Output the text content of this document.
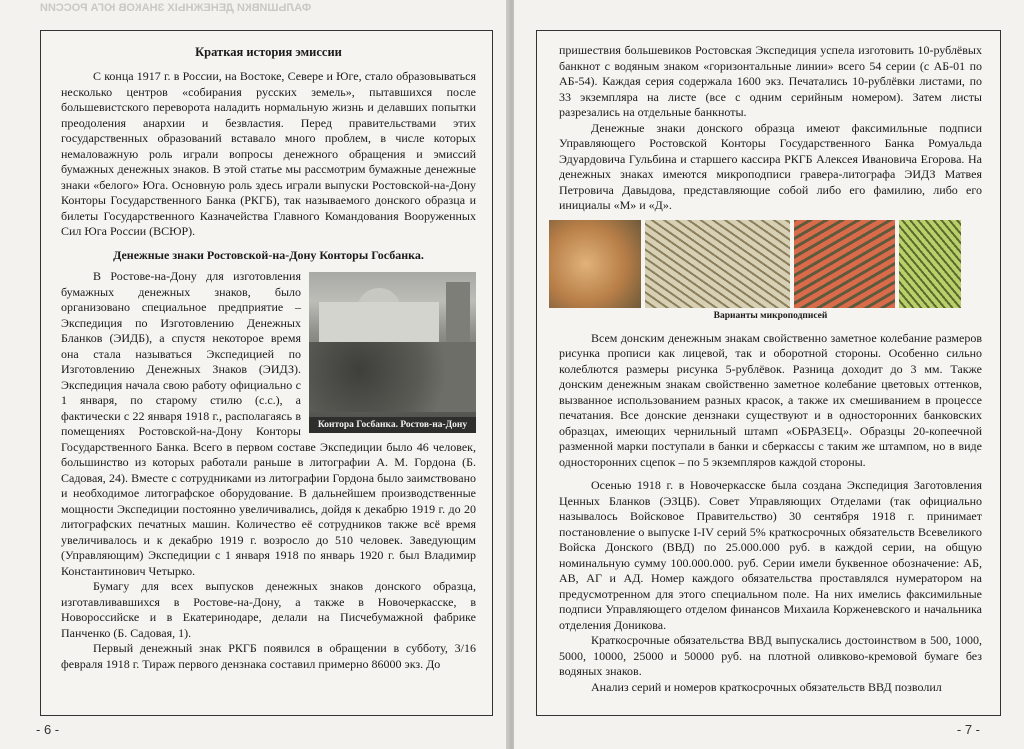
ФАЛЬШИВКИ ДЕНЕЖНЫХ ЗНАКОВ ЮГА РОССИИ
Краткая история эмиссии

С конца 1917 г. в России, на Востоке, Севере и Юге, стало образовываться несколько центров «собирания русских земель», пытавшихся после большевистского переворота наладить нормальную жизнь и делавших попытки преодоления анархии и безвластия. Перед правительствами этих государственных образований вставало много проблем, в числе которых немаловажную роль играли вопросы денежного обращения и эмиссий бумажных денежных знаков. В этой статье мы рассмотрим бумажные денежные знаки «белого» Юга. Основную роль здесь играли выпуски Ростовской-на-Дону Конторы Государственного Банка (РКГБ), так называемого донского образца и билеты Государственного Казначейства Главного Командования Вооруженных Сил Юга России (ВСЮР).

Денежные знаки Ростовской-на-Дону Конторы Госбанка.

Контора Госбанка. Ростов-на-Дону

В Ростове-на-Дону для изготовления бумажных денежных знаков, было организовано специальное предприятие – Экспедиция по Изготовлению Денежных Бланков (ЭИДБ), а спустя некоторое время она стала называться Экспедицией по Изготовлению Денежных Знаков (ЭИДЗ). Экспедиция начала свою работу официально с 1 января, по старому стилю (с.с.), а фактически с 22 января 1918 г., располагаясь в помещениях Ростовской-на-Дону Конторы Государственного Банка. Всего в первом составе Экспедиции было 46 человек, большинство из которых работали раньше в литографии А. М. Гордона (Б. Садовая, 24). Вместе с сотрудниками из литографии Гордона было заимствовано и необходимое литографское оборудование. В дальнейшем производственные мощности Экспедиции постоянно увеличивались, дойдя к декабрю 1919 г. до 20 литографских печатных машин. Количество её сотрудников также всё время увеличивалось и к декабрю 1919 г. возросло до 510 человек. Заведующим (Управляющим) Экспедиции с 1 января 1918 по январь 1920 г. был Владимир Константинович Четырко.

Бумагу для всех выпусков денежных знаков донского образца, изготавливавшихся в Ростове-на-Дону, а также в Новочеркасске, в Новороссийске и в Екатеринодаре, делали на Писчебумажной фабрике Панченко (Б. Садовая, 1).

Первый денежный знак РКГБ появился в обращении в субботу, 3/16 февраля 1918 г. Тираж первого дензнака составил примерно 86000 экз. До

- 6 -

пришествия большевиков Ростовская Экспедиция успела изготовить 10-рублёвых банкнот с водяным знаком «горизонтальные линии» всего 54 серии (с АБ-01 по АБ-54). Каждая серия содержала 1600 экз. Печатались 10-рублёвки листами, по 33 экземпляра на листе (все с одним серийным номером). Затем листы разрезались на отдельные банкноты.

Денежные знаки донского образца имеют факсимильные подписи Управляющего Ростовской Конторы Государственного Банка Ромуальда Эдуардовича Гульбина и старшего кассира РКГБ Алексея Ивановича Егорова. На денежных знаках имеются микроподписи гравера-литографа ЭИДЗ Матвея Петровича Давыдова, представляющие собой либо его фамилию, либо его инициалы «М» и «Д».

Варианты микроподписей

Всем донским денежным знакам свойственно заметное колебание размеров рисунка прописи как лицевой, так и оборотной стороны. Особенно сильно колеблются размеры рисунка 5-рублёвок. Разница доходит до 3 мм. Также донским денежным знакам свойственно заметное колебание цветовых оттенков, вызванное использованием разных красок, а также их смешиванием в процессе печатания. Все донские дензнаки существуют и в односторонних банковских образцах, имеющих чернильный штамп «ОБРАЗЕЦ». Образцы 20-копеечной разменной марки поступали в банки и сберкассы с таким же штампом, но в виде односторонних сцепок – по 5 экземпляров каждой стороны.

Осенью 1918 г. в Новочеркасске была создана Экспедиция Заготовления Ценных Бланков (ЭЗЦБ). Совет Управляющих Отделами (так официально называлось Войсковое Правительство) 30 сентября 1918 г. принимает постановление о выпуске I-IV серий 5% краткосрочных обязательств Всевеликого Войска Донского (ВВД) по 25.000.000 руб. в каждой серии, на общую номинальную сумму 100.000.000. руб. Серии имели буквенное обозначение: АБ, АВ, АГ и АД. Номер каждого обязательства проставлялся нумератором на предусмотренном для этого специальном поле. На них имелись факсимильные подписи Управляющего отделом финансов Михаила Корженевского и начальника отделения Доникова.

Краткосрочные обязательства ВВД выпускались достоинством в 500, 1000, 5000, 10000, 25000 и 50000 руб. на плотной оливково-кремовой бумаге без водяных знаков.

Анализ серий и номеров краткосрочных обязательств ВВД позволил

- 7 -
